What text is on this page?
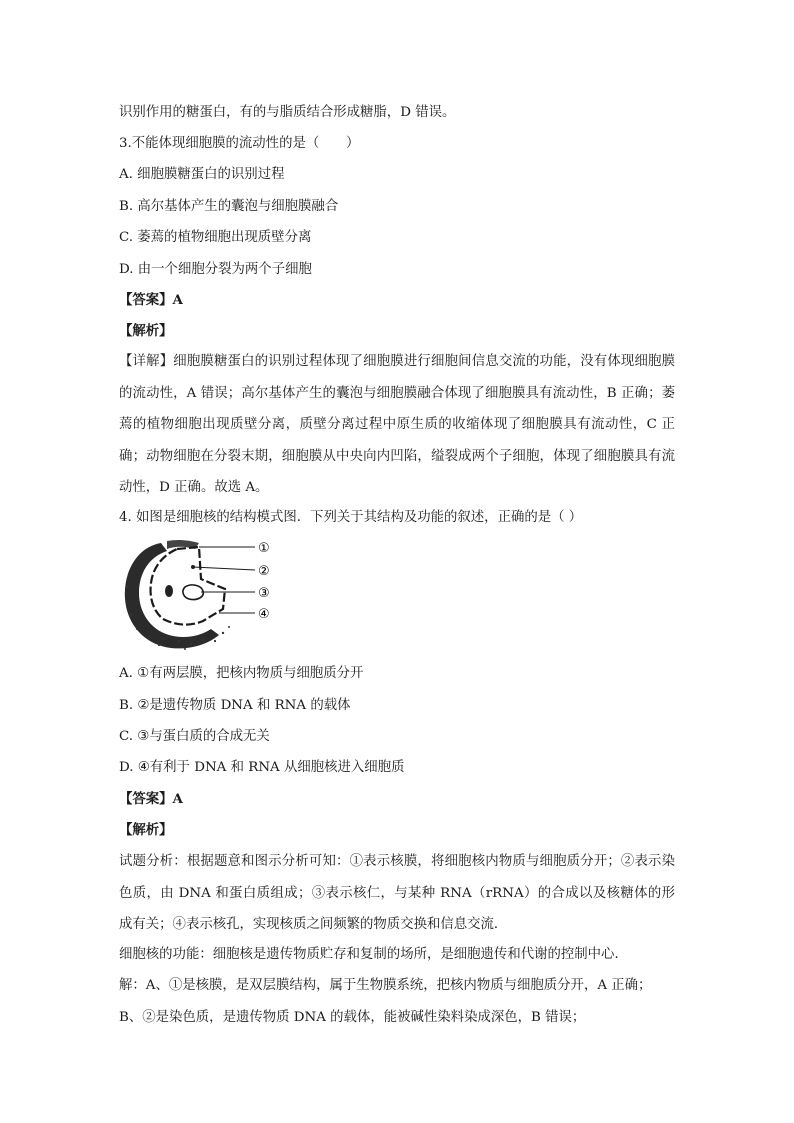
识别作用的糖蛋白，有的与脂质结合形成糖脂，D 错误。
3.不能体现细胞膜的流动性的是（　　）
A. 细胞膜糖蛋白的识别过程
B. 高尔基体产生的囊泡与细胞膜融合
C. 萎蔫的植物细胞出现质壁分离
D. 由一个细胞分裂为两个子细胞
【答案】A
【解析】
【详解】细胞膜糖蛋白的识别过程体现了细胞膜进行细胞间信息交流的功能，没有体现细胞膜的流动性，A 错误；高尔基体产生的囊泡与细胞膜融合体现了细胞膜具有流动性，B 正确；萎蔫的植物细胞出现质壁分离，质壁分离过程中原生质的收缩体现了细胞膜具有流动性，C 正确；动物细胞在分裂末期，细胞膜从中央向内凹陷，缢裂成两个子细胞，体现了细胞膜具有流动性，D 正确。故选 A。
4. 如图是细胞核的结构模式图．下列关于其结构及功能的叙述，正确的是（ ）
①
②
③
④
A. ①有两层膜，把核内物质与细胞质分开
B. ②是遗传物质 DNA 和 RNA 的载体
C. ③与蛋白质的合成无关
D. ④有利于 DNA 和 RNA 从细胞核进入细胞质
【答案】A
【解析】
试题分析：根据题意和图示分析可知：①表示核膜，将细胞核内物质与细胞质分开；②表示染色质，由 DNA 和蛋白质组成；③表示核仁，与某种 RNA（rRNA）的合成以及核糖体的形成有关；④表示核孔，实现核质之间频繁的物质交换和信息交流．
细胞核的功能：细胞核是遗传物质贮存和复制的场所，是细胞遗传和代谢的控制中心．
解：A、①是核膜，是双层膜结构，属于生物膜系统，把核内物质与细胞质分开，A 正确；
B、②是染色质，是遗传物质 DNA 的载体，能被碱性染料染成深色，B 错误；
